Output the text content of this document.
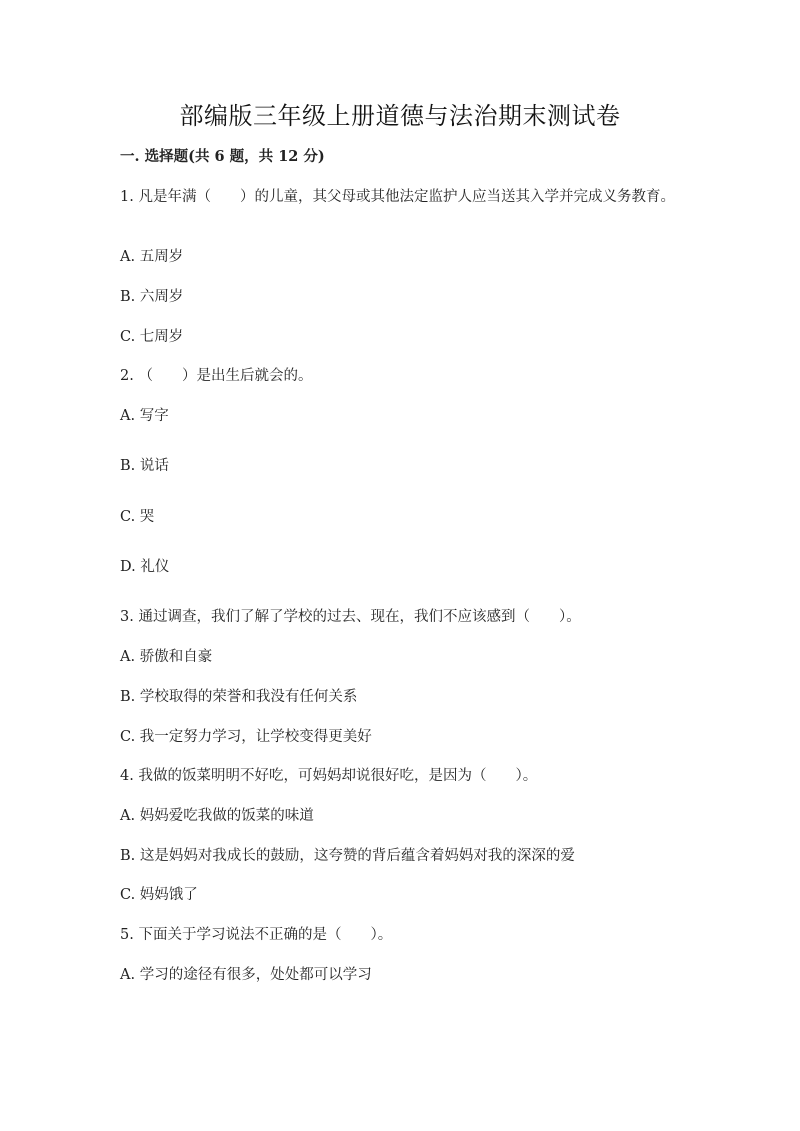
部编版三年级上册道德与法治期末测试卷
一. 选择题(共 6 题，共 12 分)
1. 凡是年满（　　）的儿童，其父母或其他法定监护人应当送其入学并完成义务教育。
A. 五周岁
B. 六周岁
C. 七周岁
2. （　　）是出生后就会的。
A. 写字
B. 说话
C. 哭
D. 礼仪
3. 通过调查，我们了解了学校的过去、现在，我们不应该感到（　　）。
A. 骄傲和自豪
B. 学校取得的荣誉和我没有任何关系
C. 我一定努力学习，让学校变得更美好
4. 我做的饭菜明明不好吃，可妈妈却说很好吃，是因为（　　）。
A. 妈妈爱吃我做的饭菜的味道
B. 这是妈妈对我成长的鼓励，这夸赞的背后蕴含着妈妈对我的深深的爱
C. 妈妈饿了
5. 下面关于学习说法不正确的是（　　）。
A. 学习的途径有很多，处处都可以学习
